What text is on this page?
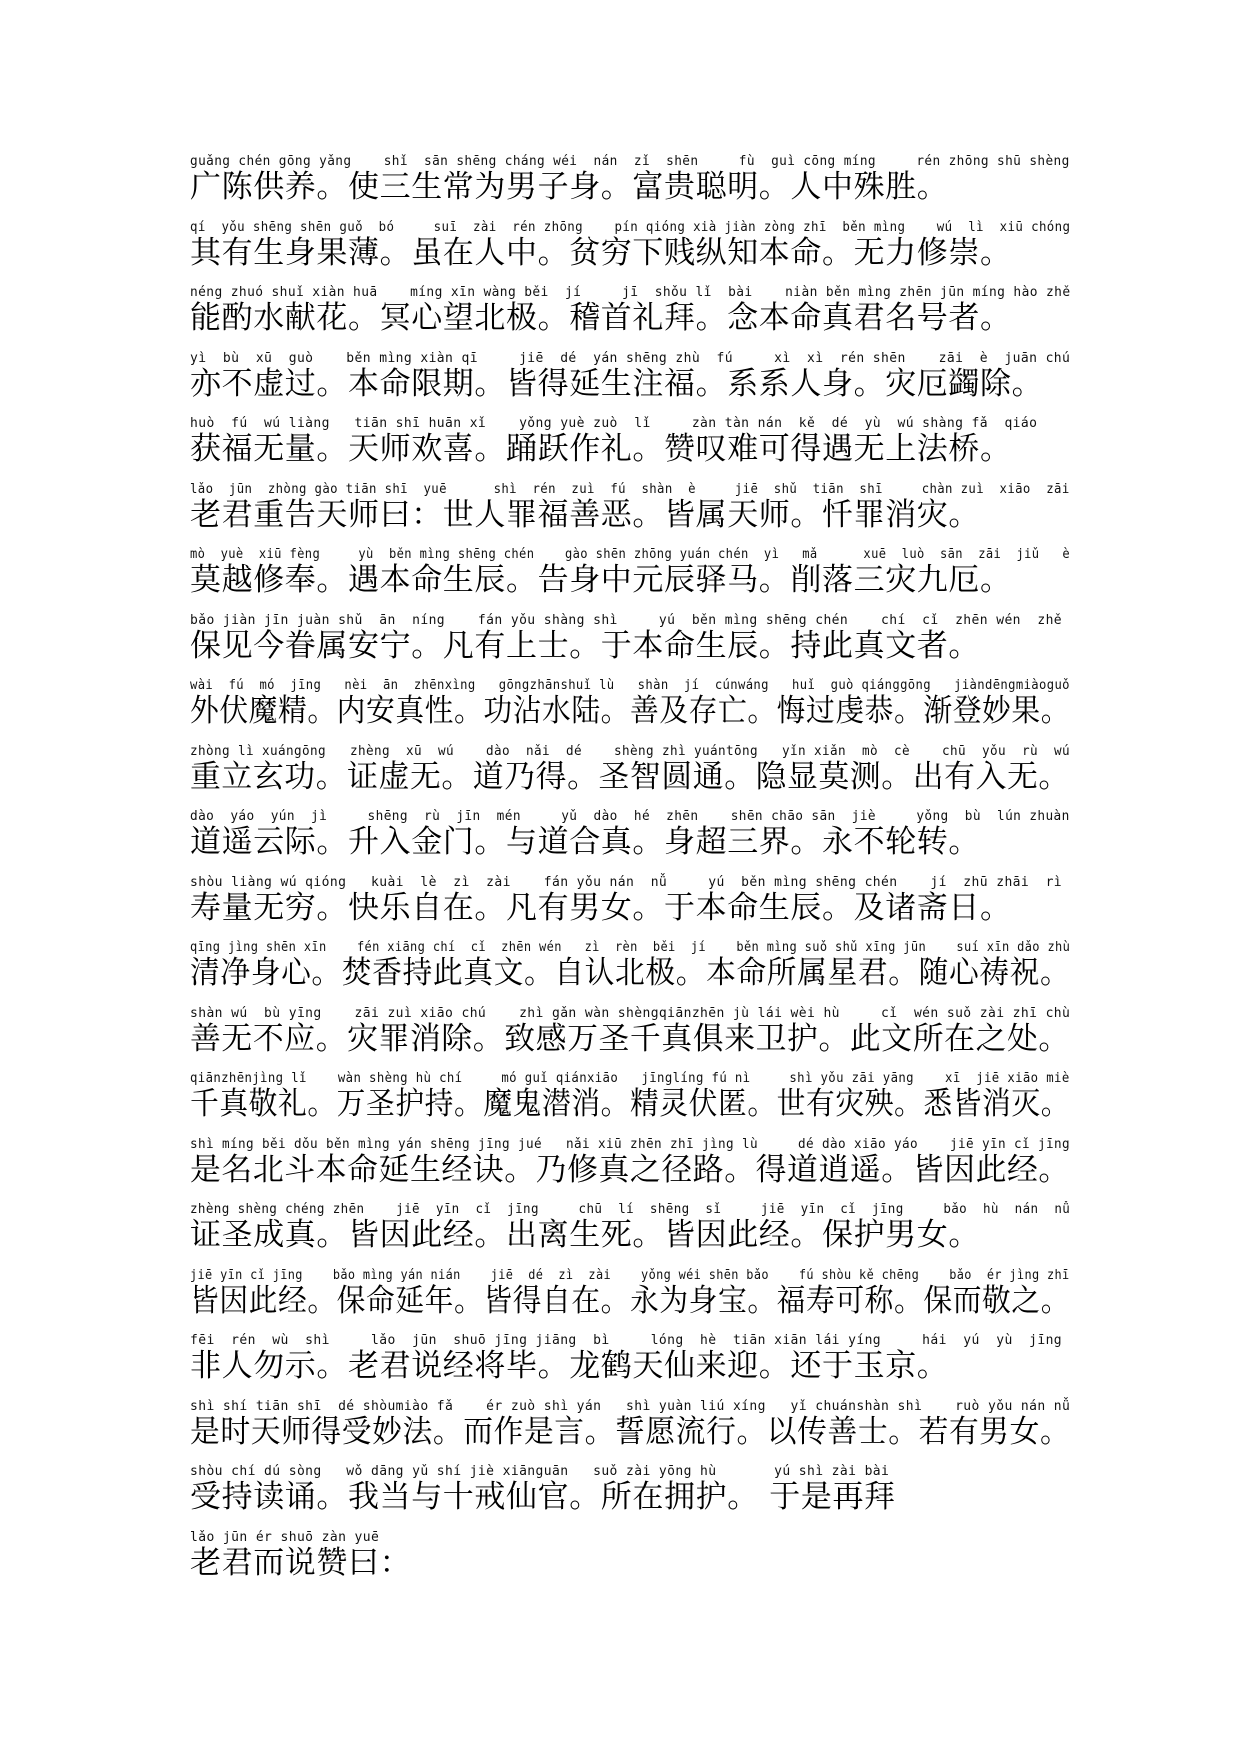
guǎng chén gōng yǎng    shǐ  sān shēng cháng wéi  nán  zǐ  shēn     fù  guì cōng míng     rén zhōng shū shèng
广陈供养。使三生常为男子身。富贵聪明。人中殊胜。
qí  yǒu shēng shēn guǒ  bó     suī  zài  rén zhōng    pín qióng xià jiàn zòng zhī  běn mìng    wú  lì  xiū chóng
其有生身果薄。虽在人中。贫穷下贱纵知本命。无力修崇。
néng zhuó shuǐ xiàn huā    míng xīn wàng běi  jí     jī  shǒu lǐ  bài    niàn běn mìng zhēn jūn míng hào zhě
能酌水献花。冥心望北极。稽首礼拜。念本命真君名号者。
yì  bù  xū  guò    běn mìng xiàn qī     jiē  dé  yán shēng zhù  fú     xì  xì  rén shēn    zāi  è  juān chú
亦不虚过。本命限期。皆得延生注福。系系人身。灾厄蠲除。
huò  fú  wú liàng   tiān shī huān xǐ    yǒng yuè zuò  lǐ     zàn tàn nán  kě  dé  yù  wú shàng fǎ  qiáo
获福无量。天师欢喜。踊跃作礼。赞叹难可得遇无上法桥。
lǎo  jūn  zhòng gào tiān shī  yuē      shì  rén  zuì  fú  shàn  è     jiē  shǔ  tiān  shī     chàn zuì  xiāo  zāi
老君重告天师曰：世人罪福善恶。皆属天师。忏罪消灾。
mò  yuè  xiū fèng     yù  běn mìng shēng chén    gào shēn zhōng yuán chén  yì   mǎ      xuē  luò  sān  zāi  jiǔ   è
莫越修奉。遇本命生辰。告身中元辰驿马。削落三灾九厄。
bǎo jiàn jīn juàn shǔ  ān  níng    fán yǒu shàng shì     yú  běn mìng shēng chén    chí  cǐ  zhēn wén  zhě
保见今眷属安宁。凡有上士。于本命生辰。持此真文者。
wài  fú  mó  jīng   nèi  ān  zhēnxìng   gōngzhānshuǐ lù   shàn  jí  cúnwáng   huǐ  guò qiánggōng   jiàndēngmiàoguǒ
外伏魔精。内安真性。功沾水陆。善及存亡。悔过虔恭。渐登妙果。
zhòng lì xuángōng   zhèng  xū  wú    dào  nǎi  dé    shèng zhì yuántōng   yǐn xiǎn  mò  cè    chū  yǒu  rù  wú
重立玄功。证虚无。道乃得。圣智圆通。隐显莫测。出有入无。
dào  yáo  yún  jì     shēng  rù  jīn  mén     yǔ  dào  hé  zhēn    shēn chāo sān  jiè     yǒng  bù  lún zhuàn
道遥云际。升入金门。与道合真。身超三界。永不轮转。
shòu liàng wú qióng   kuài  lè  zì  zài    fán yǒu nán  nǚ     yú  běn mìng shēng chén    jí  zhū zhāi  rì
寿量无穷。快乐自在。凡有男女。于本命生辰。及诸斋日。
qīng jìng shēn xīn    fén xiāng chí  cǐ  zhēn wén   zì  rèn  běi  jí    běn mìng suǒ shǔ xīng jūn    suí xīn dǎo zhù
清净身心。焚香持此真文。自认北极。本命所属星君。随心祷祝。
shàn wú  bù yīng    zāi zuì xiāo chú    zhì gǎn wàn shèngqiānzhēn jù lái wèi hù     cǐ  wén suǒ zài zhī chù
善无不应。灾罪消除。致感万圣千真俱来卫护。此文所在之处。
qiānzhēnjìng lǐ    wàn shèng hù chí     mó guǐ qiánxiāo   jīnglíng fú nì     shì yǒu zāi yāng    xī  jiē xiāo miè
千真敬礼。万圣护持。魔鬼潜消。精灵伏匿。世有灾殃。悉皆消灭。
shì míng běi dǒu běn mìng yán shēng jīng jué   nǎi xiū zhēn zhī jìng lù     dé dào xiāo yáo    jiē yīn cǐ jīng
是名北斗本命延生经诀。乃修真之径路。得道逍遥。皆因此经。
zhèng shèng chéng zhēn    jiē  yīn  cǐ  jīng     chū  lí  shēng  sǐ     jiē  yīn  cǐ  jīng     bǎo  hù  nán  nǚ
证圣成真。皆因此经。出离生死。皆因此经。保护男女。
jiē yīn cǐ jīng    bǎo mìng yán nián    jiē  dé  zì  zài    yǒng wéi shēn bǎo    fú shòu kě chēng    bǎo  ér jìng zhī
皆因此经。保命延年。皆得自在。永为身宝。福寿可称。保而敬之。
fēi  rén  wù  shì     lǎo  jūn  shuō jīng jiāng  bì     lóng  hè  tiān xiān lái yíng     hái  yú  yù  jīng
非人勿示。老君说经将毕。龙鹤天仙来迎。还于玉京。
shì shí tiān shī  dé shòumiào fǎ    ér zuò shì yán   shì yuàn liú xíng   yǐ chuánshàn shì    ruò yǒu nán nǚ
是时天师得受妙法。而作是言。誓愿流行。以传善士。若有男女。
shòu chí dú sòng   wǒ dāng yǔ shí jiè xiānguān   suǒ zài yōng hù       yú shì zài bài
受持读诵。我当与十戒仙官。所在拥护。 于是再拜
lǎo jūn ér shuō zàn yuē
老君而说赞曰：
